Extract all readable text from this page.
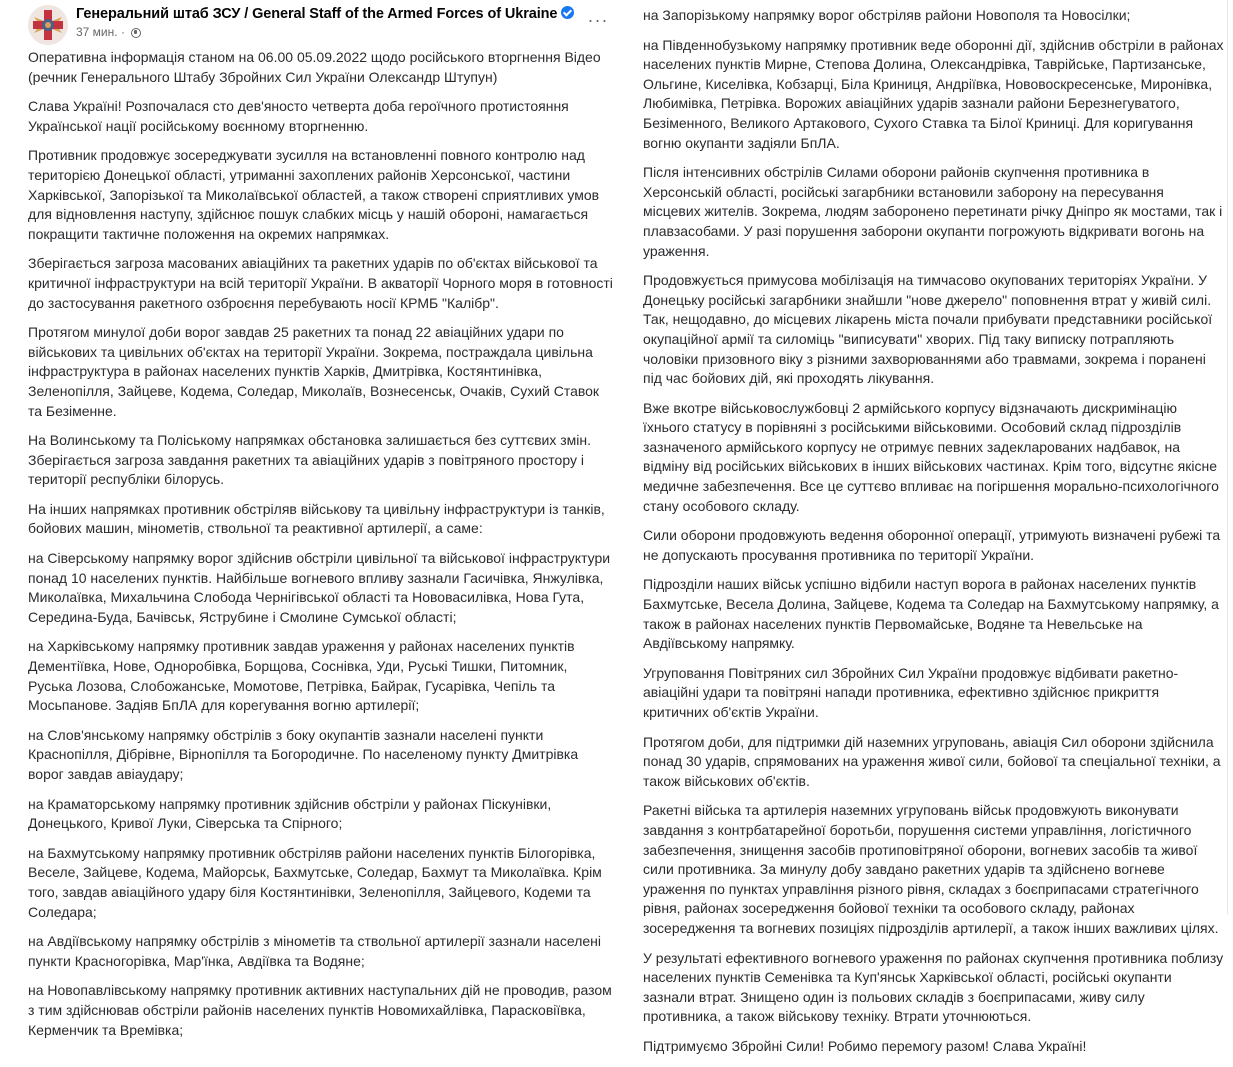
Генеральний штаб ЗСУ / General Staff of the Armed Forces of Ukraine
37 мин. ·
···

Оперативна інформація станом на 06.00 05.09.2022 щодо російського вторгнення Відео (речник Генерального Штабу Збройних Сил України Олександр Штупун)

Слава Україні! Розпочалася сто дев'яносто четверта доба героїчного протистояння Української нації російському воєнному вторгненню.

Противник продовжує зосереджувати зусилля на встановленні повного контролю над територією Донецької області, утриманні захоплених районів Херсонської, частини Харківської, Запорізької та Миколаївської областей, а також створені сприятливих умов для відновлення наступу, здійснює пошук слабких місць у нашій обороні, намагається покращити тактичне положення на окремих напрямках.

Зберігається загроза масованих авіаційних та ракетних ударів по об'єктах військової та критичної інфраструктури на всій території України. В акваторії Чорного моря в готовності до застосування ракетного озброєння перебувають носії КРМБ "Калібр".

Протягом минулої доби ворог завдав 25 ракетних та понад 22 авіаційних удари по військових та цивільних об'єктах на території України. Зокрема, постраждала цивільна інфраструктура в районах населених пунктів Харків, Дмитрівка, Костянтинівка, Зеленопілля, Зайцеве, Кодема, Соледар, Миколаїв, Вознесенськ, Очаків, Сухий Ставок та Безіменне.

На Волинському та Поліському напрямках обстановка залишається без суттєвих змін. Зберігається загроза завдання ракетних та авіаційних ударів з повітряного простору і території республіки білорусь.

На інших напрямках противник обстріляв військову та цивільну інфраструктури із танків, бойових машин, мінометів, ствольної та реактивної артилерії, а саме:

на Сіверському напрямку ворог здійснив обстріли цивільної та військової інфраструктури понад 10 населених пунктів. Найбільше вогневого впливу зазнали Гасичівка, Янжулівка, Миколаївка, Михальчина Слобода Чернігівської області та Нововасилівка, Нова Гута, Середина-Буда, Бачівськ, Яструбине і Смолине Сумської області;

на Харківському напрямку противник завдав ураження у районах населених пунктів Дементіївка, Нове, Одноробівка, Борщова, Соснівка, Уди, Руські Тишки, Питомник, Руська Лозова, Слобожанське, Момотове, Петрівка, Байрак, Гусарівка, Чепіль та Мосьпанове. Задіяв БпЛА для корегування вогню артилерії;

на Слов'янському напрямку обстрілів з боку окупантів зазнали населені пункти Краснопілля, Дібрівне, Вірнопілля та Богородичне. По населеному пункту Дмитрівка ворог завдав авіаудару;

на Краматорському напрямку противник здійснив обстріли у районах Піскунівки, Донецького, Кривої Луки, Сіверська та Спірного;

на Бахмутському напрямку противник обстріляв райони населених пунктів Білогорівка, Веселе, Зайцеве, Кодема, Майорськ, Бахмутське, Соледар, Бахмут та Миколаївка. Крім того, завдав авіаційного удару біля Костянтинівки, Зеленопілля, Зайцевого, Кодеми та Соледара;

на Авдіївському напрямку обстрілів з мінометів та ствольної артилерії зазнали населені пункти Красногорівка, Мар'їнка, Авдіївка та Водяне;

на Новопавлівському напрямку противник активних наступальних дій не проводив, разом з тим здійснював обстріли районів населених пунктів Новомихайлівка, Парасковіївка, Керменчик та Времівка;

на Запорізькому напрямку ворог обстріляв райони Новополя та Новосілки;

на Південнобузькому напрямку противник веде оборонні дії, здійснив обстріли в районах населених пунктів Мирне, Степова Долина, Олександрівка, Таврійське, Партизанське, Ольгине, Киселівка, Кобзарці, Біла Криниця, Андріївка, Нововоскресенське, Миронівка, Любимівка, Петрівка. Ворожих авіаційних ударів зазнали райони Березнегуватого, Безіменного, Великого Артакового, Сухого Ставка та Білої Криниці. Для коригування вогню окупанти задіяли БпЛА.

Після інтенсивних обстрілів Силами оборони районів скупчення противника в Херсонській області, російські загарбники встановили заборону на пересування місцевих жителів. Зокрема, людям заборонено перетинати річку Дніпро як мостами, так і плавзасобами. У разі порушення заборони окупанти погрожують відкривати вогонь на ураження.

Продовжується примусова мобілізація на тимчасово окупованих територіях України. У Донецьку російські загарбники знайшли "нове джерело" поповнення втрат у живій силі. Так, нещодавно, до місцевих лікарень міста почали прибувати представники російської окупаційної армії та силоміць "виписувати" хворих. Під таку виписку потрапляють чоловіки призовного віку з різними захворюваннями або травмами, зокрема і поранені під час бойових дій, які проходять лікування.

Вже вкотре військовослужбовці 2 армійського корпусу відзначають дискримінацію їхнього статусу в порівняні з російськими військовими. Особовий склад підрозділів зазначеного армійського корпусу не отримує певних задекларованих надбавок, на відміну від російських військових в інших військових частинах. Крім того, відсутнє якісне медичне забезпечення. Все це суттєво впливає на погіршення морально-психологічного стану особового складу.

Сили оборони продовжують ведення оборонної операції, утримують визначені рубежі та не допускають просування противника по території України.

Підрозділи наших військ успішно відбили наступ ворога в районах населених пунктів Бахмутське, Весела Долина, Зайцеве, Кодема та Соледар на Бахмутському напрямку, а також в районах населених пунктів Первомайське, Водяне та Невельське на Авдіївському напрямку.

Угруповання Повітряних сил Збройних Сил України продовжує відбивати ракетно-авіаційні удари та повітряні напади противника, ефективно здійснює прикриття критичних об'єктів України.

Протягом доби, для підтримки дій наземних угруповань, авіація Сил оборони здійснила понад 30 ударів, спрямованих на ураження живої сили, бойової та спеціальної техніки, а також військових об'єктів.

Ракетні війська та артилерія наземних угруповань військ продовжують виконувати завдання з контрбатарейної боротьби, порушення системи управління, логістичного забезпечення, знищення засобів протиповітряної оборони, вогневих засобів та живої сили противника. За минулу добу завдано ракетних ударів та здійснено вогневе ураження по пунктах управління різного рівня, складах з боєприпасами стратегічного рівня, районах зосередження бойової техніки та особового складу, районах зосередження та вогневих позиціях підрозділів артилерії, а також інших важливих цілях.

У результаті ефективного вогневого ураження по районах скупчення противника поблизу населених пунктів Семенівка та Куп'янськ Харківської області, російські окупанти зазнали втрат. Знищено один із польових складів з боєприпасами, живу силу противника, а також військову техніку. Втрати уточнюються.

Підтримуємо Збройні Сили! Робимо перемогу разом! Слава Україні!
